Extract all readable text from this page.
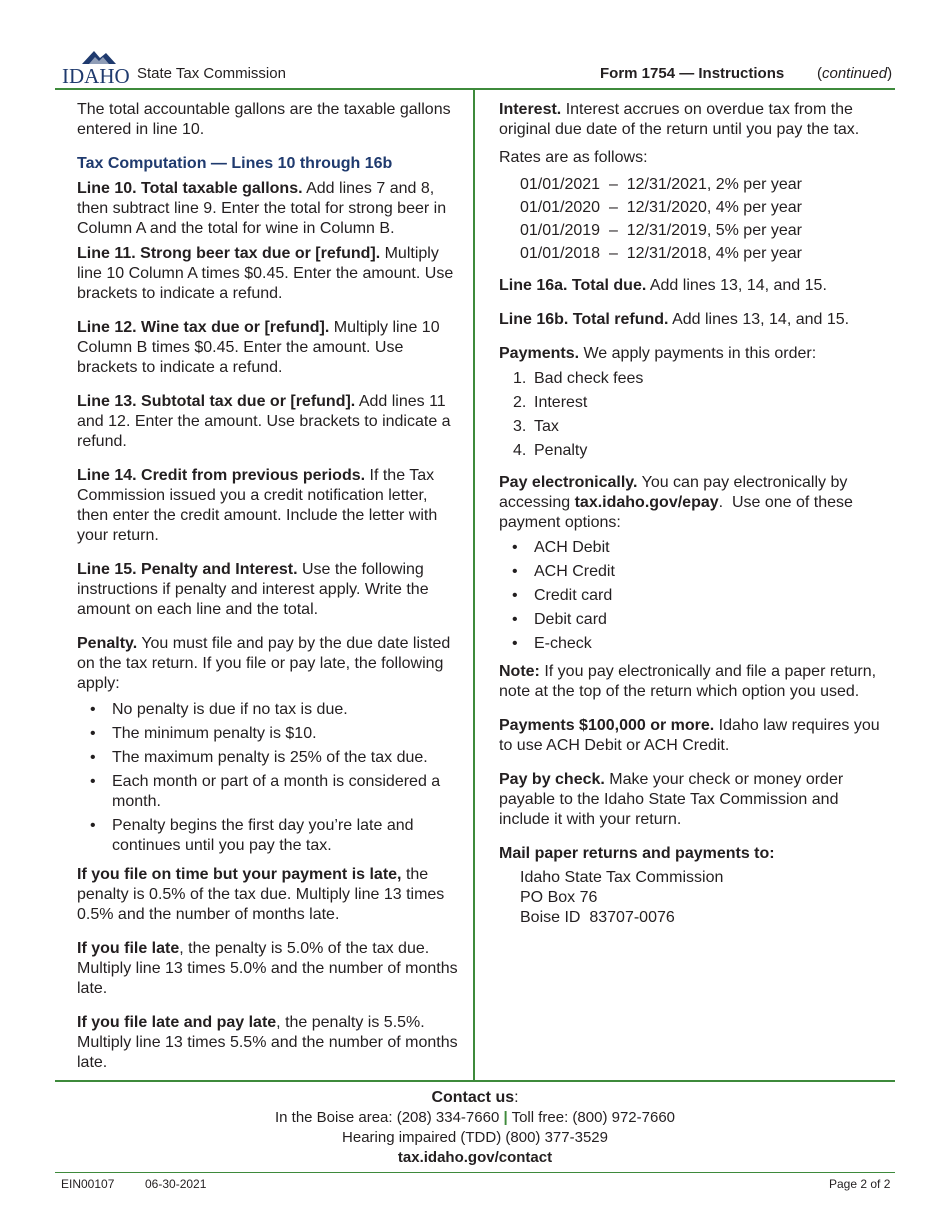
IDAHO State Tax Commission	Form 1754 — Instructions (continued)

The total accountable gallons are the taxable gallons entered in line 10.

Tax Computation — Lines 10 through 16b

Line 10. Total taxable gallons. Add lines 7 and 8, then subtract line 9. Enter the total for strong beer in Column A and the total for wine in Column B.

Line 11. Strong beer tax due or [refund]. Multiply line 10 Column A times $0.45. Enter the amount. Use brackets to indicate a refund.

Line 12. Wine tax due or [refund]. Multiply line 10 Column B times $0.45. Enter the amount. Use brackets to indicate a refund.

Line 13. Subtotal tax due or [refund]. Add lines 11 and 12. Enter the amount. Use brackets to indicate a refund.

Line 14. Credit from previous periods. If the Tax Commission issued you a credit notification letter, then enter the credit amount. Include the letter with your return.

Line 15. Penalty and Interest. Use the following instructions if penalty and interest apply. Write the amount on each line and the total.

Penalty. You must file and pay by the due date listed on the tax return. If you file or pay late, the following apply:

• No penalty is due if no tax is due.
• The minimum penalty is $10.
• The maximum penalty is 25% of the tax due.
• Each month or part of a month is considered a month.
• Penalty begins the first day you’re late and continues until you pay the tax.

If you file on time but your payment is late, the penalty is 0.5% of the tax due. Multiply line 13 times 0.5% and the number of months late.

If you file late, the penalty is 5.0% of the tax due. Multiply line 13 times 5.0% and the number of months late.

If you file late and pay late, the penalty is 5.5%. Multiply line 13 times 5.5% and the number of months late.

Interest. Interest accrues on overdue tax from the original due date of the return until you pay the tax.

Rates are as follows:

01/01/2021  –  12/31/2021, 2% per year
01/01/2020  –  12/31/2020, 4% per year
01/01/2019  –  12/31/2019, 5% per year
01/01/2018  –  12/31/2018, 4% per year

Line 16a. Total due. Add lines 13, 14, and 15.

Line 16b. Total refund. Add lines 13, 14, and 15.

Payments. We apply payments in this order:

1. Bad check fees
2. Interest
3. Tax
4. Penalty

Pay electronically. You can pay electronically by accessing tax.idaho.gov/epay.  Use one of these payment options:

• ACH Debit
• ACH Credit
• Credit card
• Debit card
• E-check

Note: If you pay electronically and file a paper return, note at the top of the return which option you used.

Payments $100,000 or more. Idaho law requires you to use ACH Debit or ACH Credit.

Pay by check. Make your check or money order payable to the Idaho State Tax Commission and include it with your return.

Mail paper returns and payments to:

Idaho State Tax Commission
PO Box 76
Boise ID  83707-0076
Contact us:
In the Boise area: (208) 334-7660 | Toll free: (800) 972-7660
Hearing impaired (TDD) (800) 377-3529
tax.idaho.gov/contact
EIN00107	06-30-2021	Page 2 of 2
